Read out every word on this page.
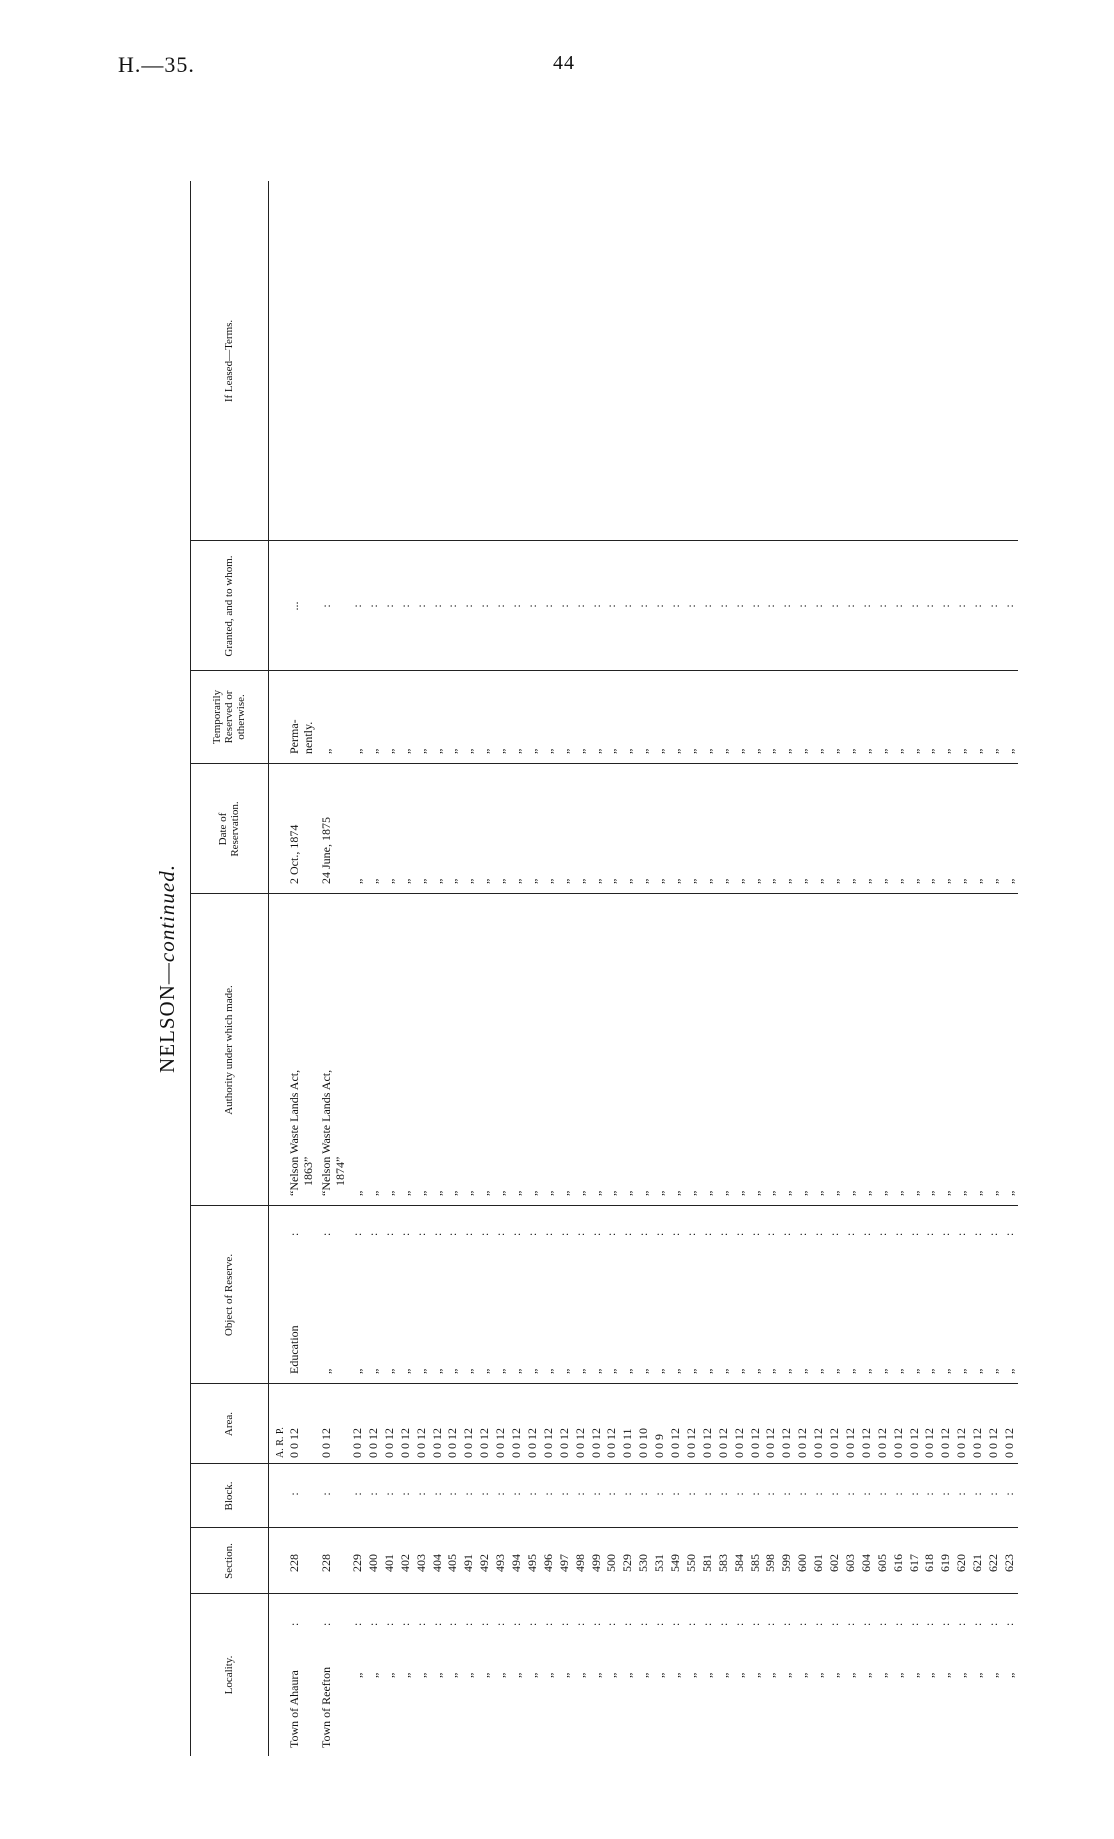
H.—35.	44
NELSON—continued.
Locality.
Section.
Block.
Area.
Object of Reserve.
Authority under which made.
Date of Reservation.
Temporarily Reserved or otherwise.
Granted, and to whom.
If Leased—Terms.
A. R. P.
Town of Ahaura
:
228
:
0 0 12
Education
:
“Nelson Waste Lands Act,
2 Oct., 1874
Perma-
...
1863”
nently.
Town of Reefton
:
228
:
0 0 12
„
:
“Nelson Waste Lands Act,
24 June, 1875
„
:
1874”
„
:
229
:
0 0 12
„
:
„
„
„
:
„
:
400
:
0 0 12
„
:
„
„
„
:
„
:
401
:
0 0 12
„
:
„
„
„
:
„
:
402
:
0 0 12
„
:
„
„
„
:
„
:
403
:
0 0 12
„
:
„
„
„
:
„
:
404
:
0 0 12
„
:
„
„
„
:
„
:
405
:
0 0 12
„
:
„
„
„
:
„
:
491
:
0 0 12
„
:
„
„
„
:
„
:
492
:
0 0 12
„
:
„
„
„
:
„
:
493
:
0 0 12
„
:
„
„
„
:
„
:
494
:
0 0 12
„
:
„
„
„
:
„
:
495
:
0 0 12
„
:
„
„
„
:
„
:
496
:
0 0 12
„
:
„
„
„
:
„
:
497
:
0 0 12
„
:
„
„
„
:
„
:
498
:
0 0 12
„
:
„
„
„
:
„
:
499
:
0 0 12
„
:
„
„
„
:
„
:
500
:
0 0 12
„
:
„
„
„
:
„
:
529
:
0 0 11
„
:
„
„
„
:
„
:
530
:
0 0 10
„
:
„
„
„
:
„
:
531
:
0 0 9
„
:
„
„
„
:
„
:
549
:
0 0 12
„
:
„
„
„
:
„
:
550
:
0 0 12
„
:
„
„
„
:
„
:
581
:
0 0 12
„
:
„
„
„
:
„
:
583
:
0 0 12
„
:
„
„
„
:
„
:
584
:
0 0 12
„
:
„
„
„
:
„
:
585
:
0 0 12
„
:
„
„
„
:
„
:
598
:
0 0 12
„
:
„
„
„
:
„
:
599
:
0 0 12
„
:
„
„
„
:
„
:
600
:
0 0 12
„
:
„
„
„
:
„
:
601
:
0 0 12
„
:
„
„
„
:
„
:
602
:
0 0 12
„
:
„
„
„
:
„
:
603
:
0 0 12
„
:
„
„
„
:
„
:
604
:
0 0 12
„
:
„
„
„
:
„
:
605
:
0 0 12
„
:
„
„
„
:
„
:
616
:
0 0 12
„
:
„
„
„
:
„
:
617
:
0 0 12
„
:
„
„
„
:
„
:
618
:
0 0 12
„
:
„
„
„
:
„
:
619
:
0 0 12
„
:
„
„
„
:
„
:
620
:
0 0 12
„
:
„
„
„
:
„
:
621
:
0 0 12
„
:
„
„
„
:
„
:
622
:
0 0 12
„
:
„
„
„
:
„
:
623
:
0 0 12
„
:
„
„
„
:
